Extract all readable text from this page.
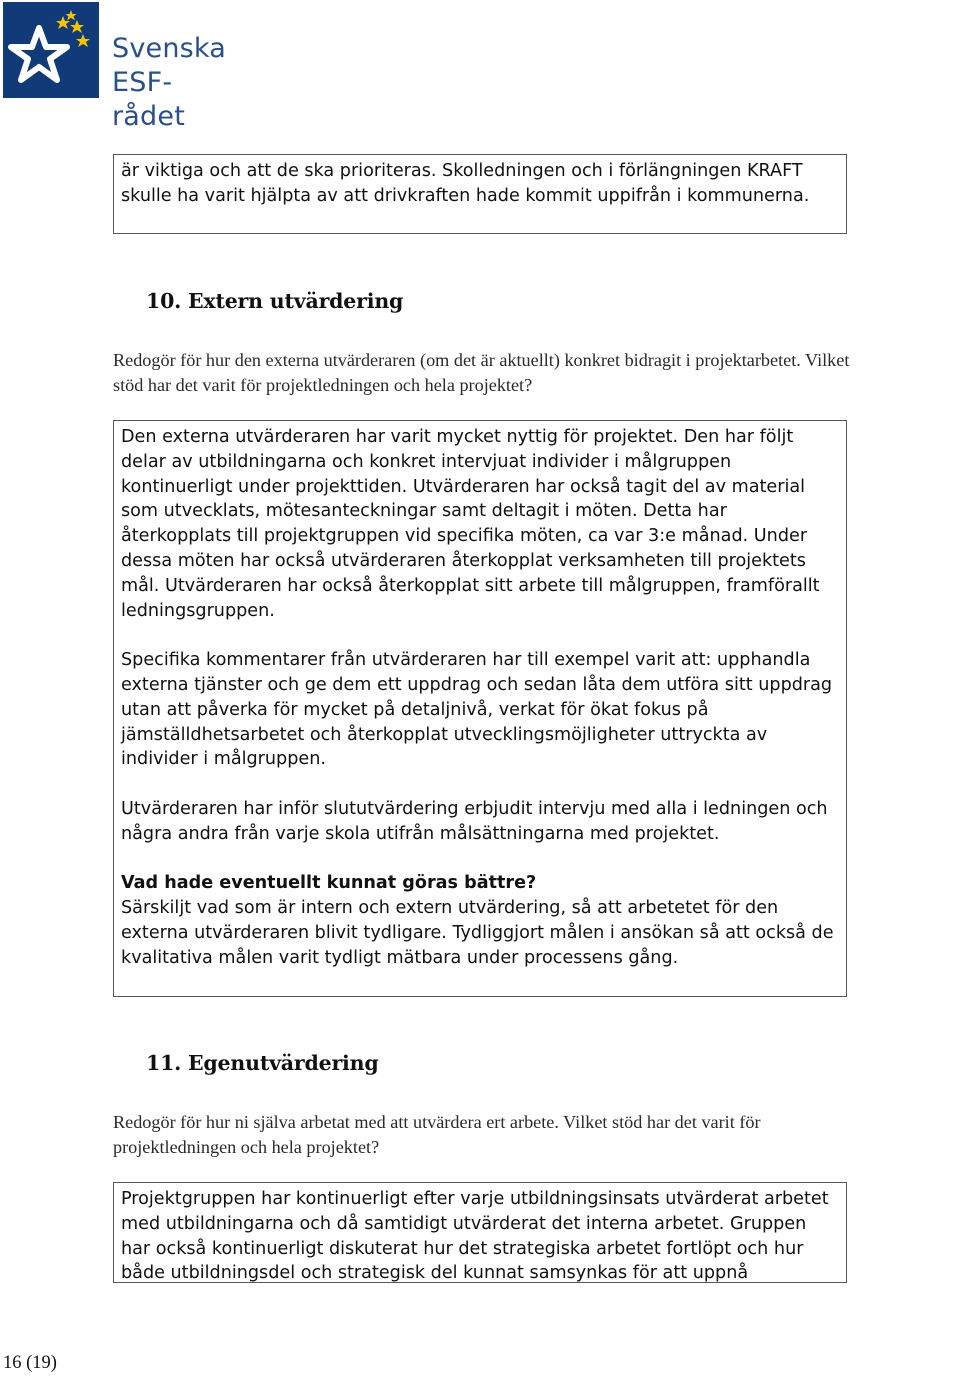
Svenska
ESF-rådet

är viktiga och att de ska prioriteras. Skolledningen och i förlängningen KRAFT skulle ha varit hjälpta av att drivkraften hade kommit uppifrån i kommunerna.

10. Extern utvärdering
Redogör för hur den externa utvärderaren (om det är aktuellt) konkret bidragit i projektarbetet. Vilket stöd har det varit för projektledningen och hela projektet?

Den externa utvärderaren har varit mycket nyttig för projektet. Den har följt delar av utbildningarna och konkret intervjuat individer i målgruppen kontinuerligt under projekttiden. Utvärderaren har också tagit del av material som utvecklats, mötesanteckningar samt deltagit i möten. Detta har återkopplats till projektgruppen vid specifika möten, ca var 3:e månad. Under dessa möten har också utvärderaren återkopplat verksamheten till projektets mål. Utvärderaren har också återkopplat sitt arbete till målgruppen, framförallt ledningsgruppen.

Specifika kommentarer från utvärderaren har till exempel varit att: upphandla externa tjänster och ge dem ett uppdrag och sedan låta dem utföra sitt uppdrag utan att påverka för mycket på detaljnivå, verkat för ökat fokus på jämställdhetsarbetet och återkopplat utvecklingsmöjligheter uttryckta av individer i målgruppen.

Utvärderaren har inför slututvärdering erbjudit intervju med alla i ledningen och några andra från varje skola utifrån målsättningarna med projektet.

Vad hade eventuellt kunnat göras bättre?

Särskiljt vad som är intern och extern utvärdering, så att arbetetet för den externa utvärderaren blivit tydligare. Tydliggjort målen i ansökan så att också de kvalitativa målen varit tydligt mätbara under processens gång.

11. Egenutvärdering
Redogör för hur ni själva arbetat med att utvärdera ert arbete. Vilket stöd har det varit för projektledningen och hela projektet?

Projektgruppen har kontinuerligt efter varje utbildningsinsats utvärderat arbetet med utbildningarna och då samtidigt utvärderat det interna arbetet. Gruppen har också kontinuerligt diskuterat hur det strategiska arbetet fortlöpt och hur både utbildningsdel och strategisk del kunnat samsynkas för att uppnå

16 (19)
